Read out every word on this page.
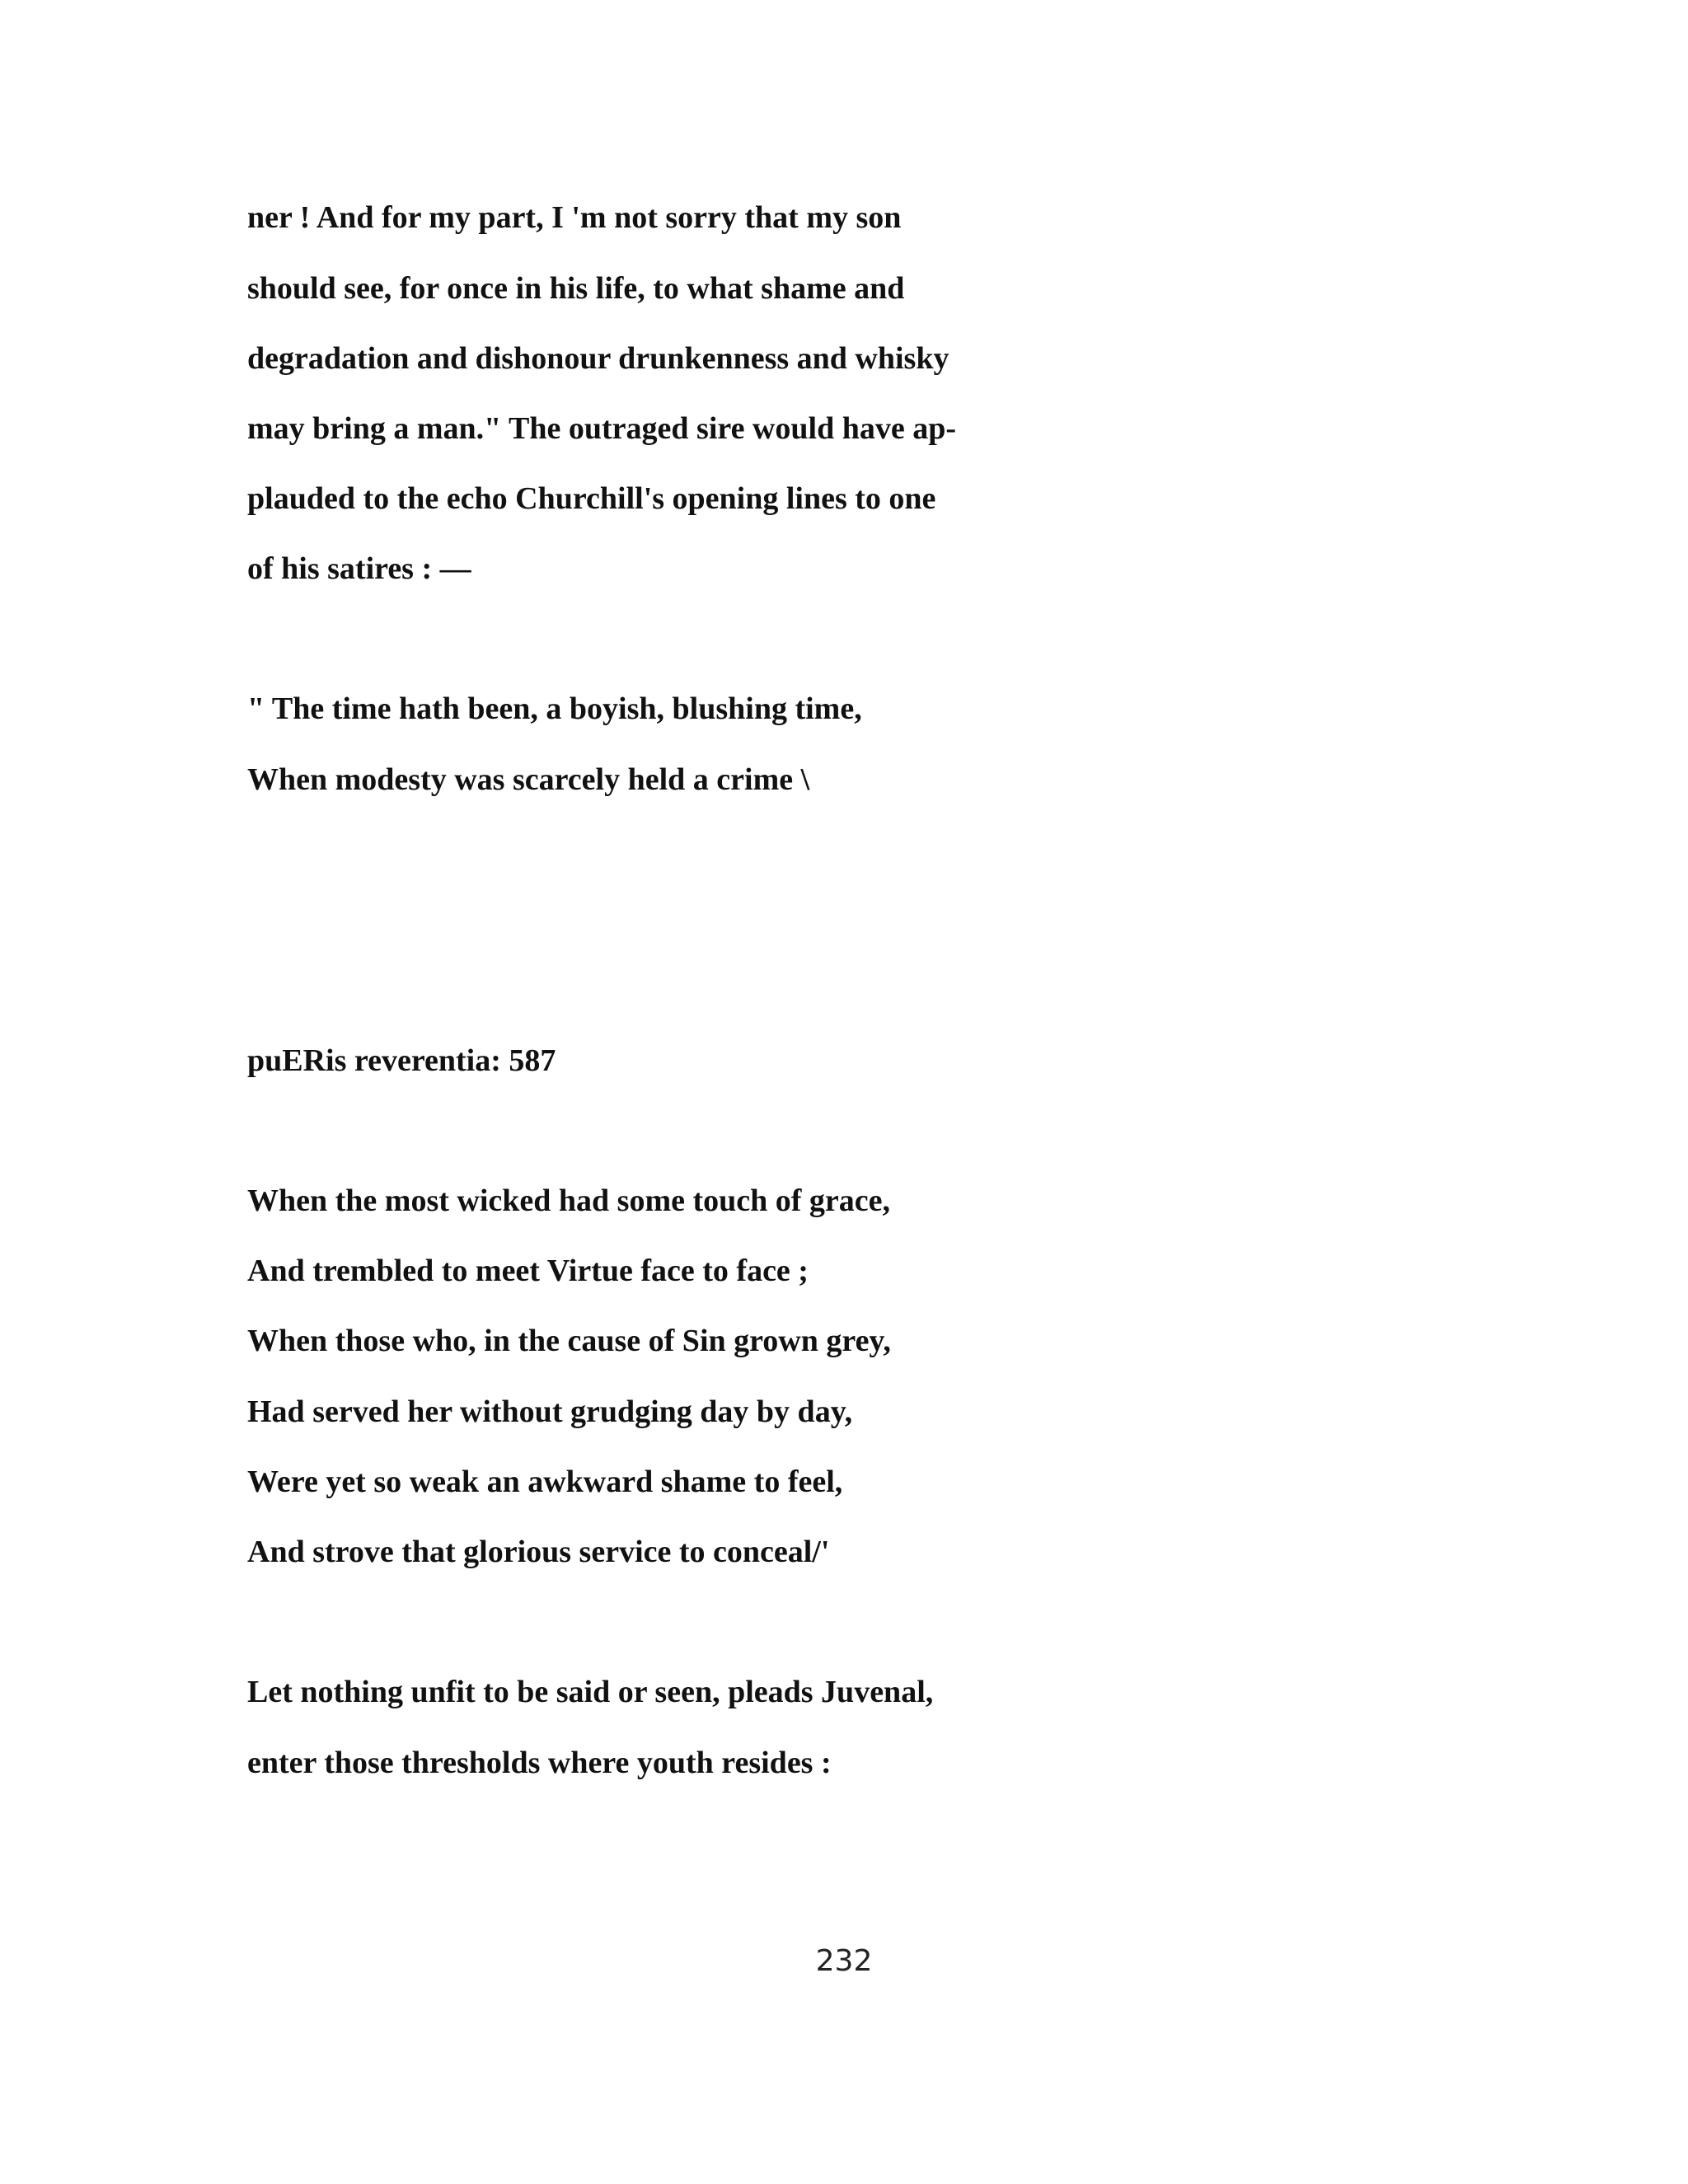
ner ! And for my part, I 'm not sorry that my son

should see, for once in his life, to what shame and

degradation and dishonour drunkenness and whisky

may bring a man." The outraged sire would have ap-

plauded to the echo Churchill's opening lines to one

of his satires : —

" The time hath been, a boyish, blushing time,

When modesty was scarcely held a crime \

puERis reverentia: 587

When the most wicked had some touch of grace,

And trembled to meet Virtue face to face ;

When those who, in the cause of Sin grown grey,

Had served her without grudging day by day,

Were yet so weak an awkward shame to feel,

And strove that glorious service to conceal/'

Let nothing unfit to be said or seen, pleads Juvenal,

enter those thresholds where youth resides :

232
